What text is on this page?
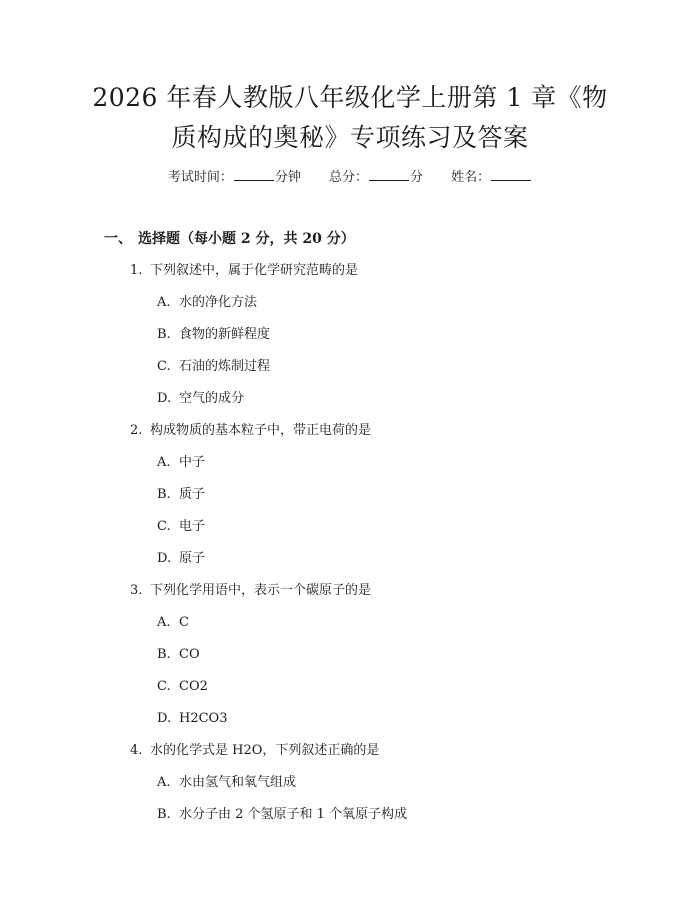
2026 年春人教版八年级化学上册第 1 章《物
质构成的奥秘》专项练习及答案
考试时间：	分钟 总分：	分 姓名：
一、 选择题（每小题 2 分，共 20 分）
1. 下列叙述中，属于化学研究范畴的是
A. 水的净化方法
B. 食物的新鲜程度
C. 石油的炼制过程
D. 空气的成分
2. 构成物质的基本粒子中，带正电荷的是
A. 中子
B. 质子
C. 电子
D. 原子
3. 下列化学用语中，表示一个碳原子的是
A. C
B. CO
C. CO2
D. H2CO3
4. 水的化学式是 H2O，下列叙述正确的是
A. 水由氢气和氧气组成
B. 水分子由 2 个氢原子和 1 个氧原子构成
